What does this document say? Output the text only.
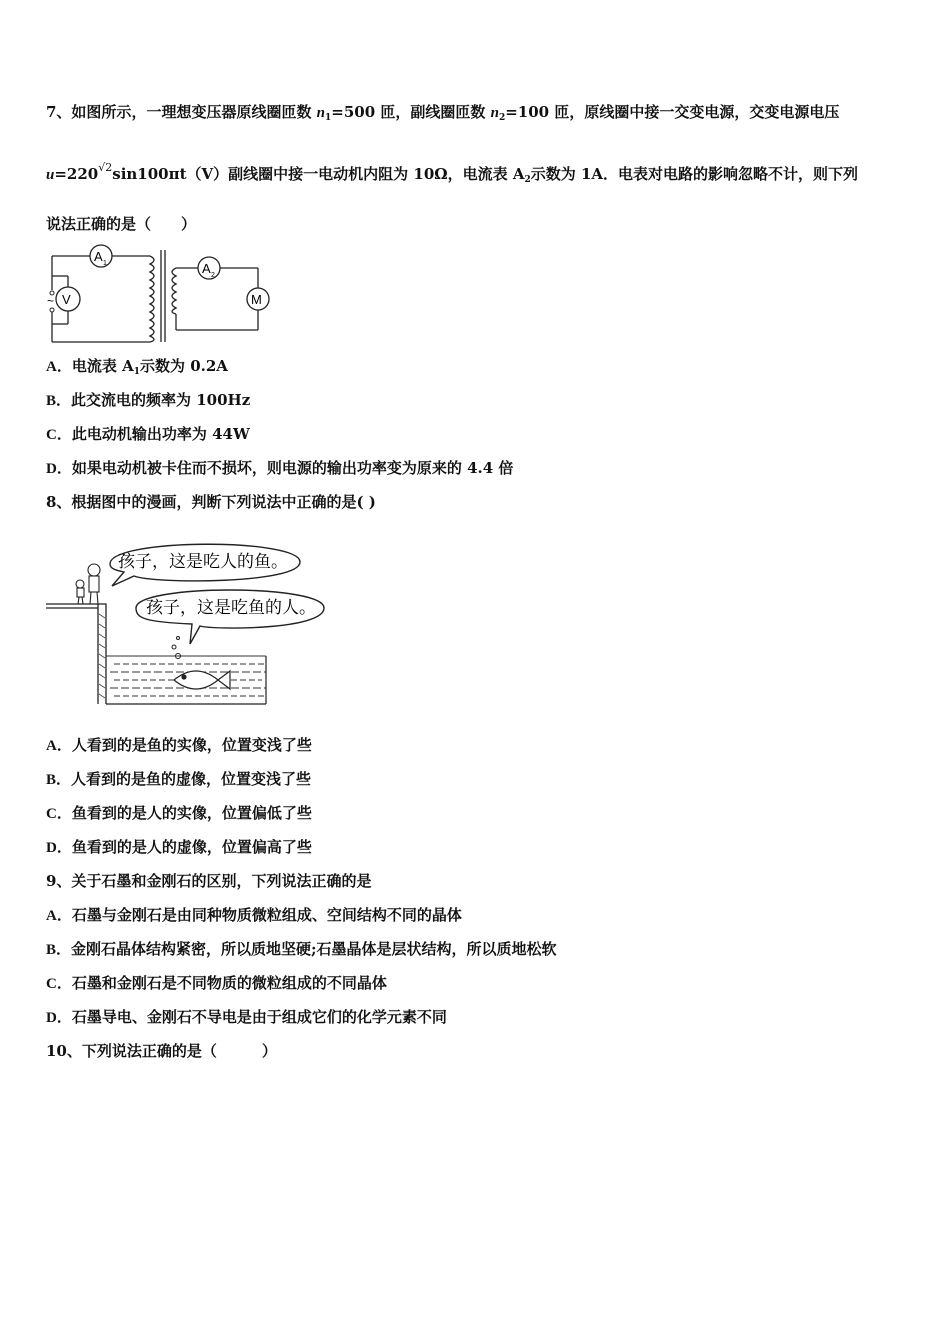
7、如图所示，一理想变压器原线圈匝数 $n_1=500$ 匝，副线圈匝数 $n_2=100$ 匝，原线圈中接一交变电源，交变电源电压
$u=220^{√2}\sin 100\pi t(V)$副线圈中接一电动机内阻为 10Ω，电流表 $A_2$示数为 1A．电表对电路的影响忽略不计，则下列
说法正确的是（　　）
A 1
V
A 2
M
~
A．电流表 $A_1$示数为 0.2A
B．此交流电的频率为 100Hz
C．此电动机输出功率为 44W
D．如果电动机被卡住而不损坏，则电源的输出功率变为原来的 4.4 倍
8、根据图中的漫画，判断下列说法中正确的是( )
孩子，这是吃人的鱼。
孩子，这是吃鱼的人。
A．人看到的是鱼的实像，位置变浅了些
B．人看到的是鱼的虚像，位置变浅了些
C．鱼看到的是人的实像，位置偏低了些
D．鱼看到的是人的虚像，位置偏高了些
9、关于石墨和金刚石的区别，下列说法正确的是
A．石墨与金刚石是由同种物质微粒组成、空间结构不同的晶体
B．金刚石晶体结构紧密，所以质地坚硬;石墨晶体是层状结构，所以质地松软
C．石墨和金刚石是不同物质的微粒组成的不同晶体
D．石墨导电、金刚石不导电是由于组成它们的化学元素不同
10、下列说法正确的是（　　　）
